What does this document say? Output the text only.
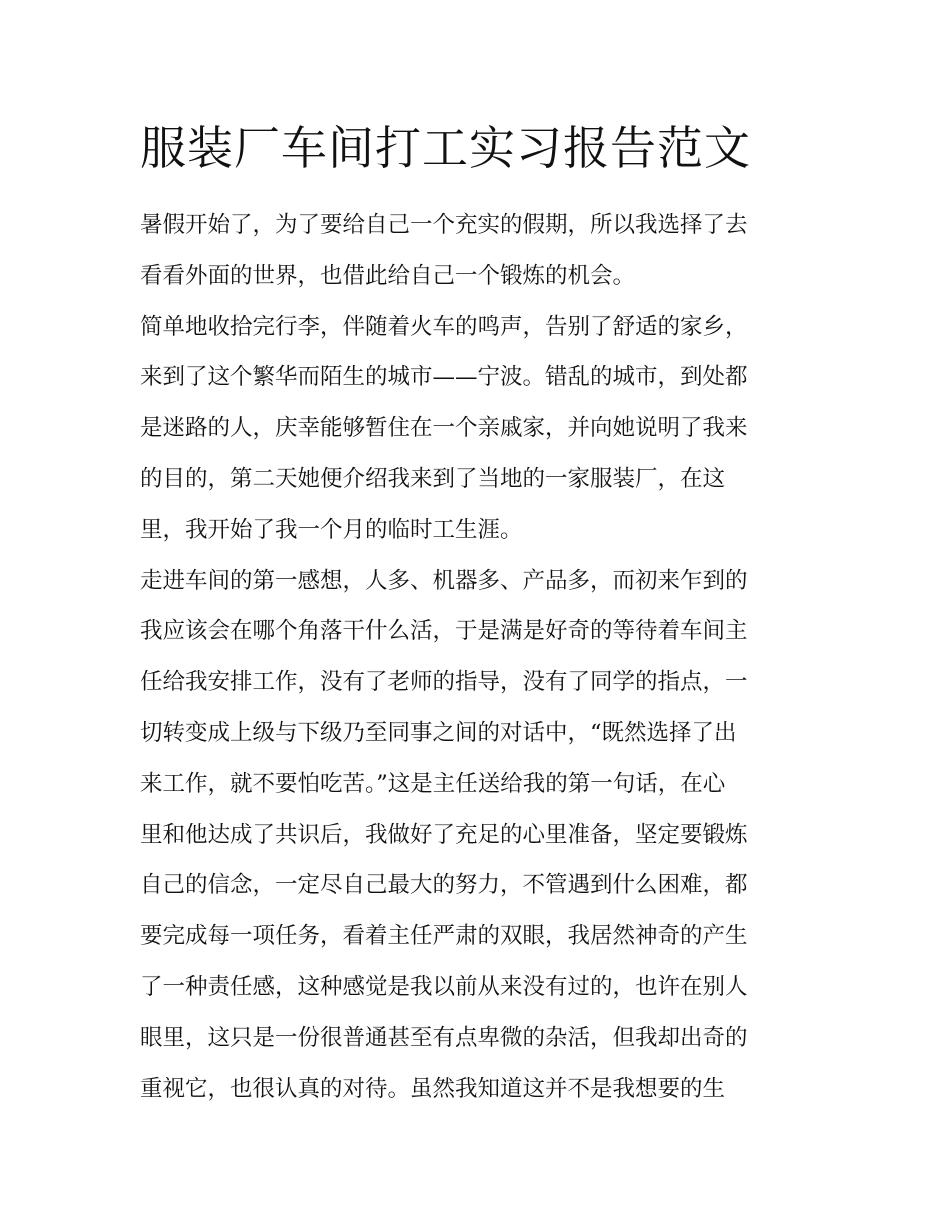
服装厂车间打工实习报告范文
暑假开始了，为了要给自己一个充实的假期，所以我选择了去
看看外面的世界，也借此给自己一个锻炼的机会。
简单地收拾完行李，伴随着火车的鸣声，告别了舒适的家乡，
来到了这个繁华而陌生的城市——宁波。错乱的城市，到处都
是迷路的人，庆幸能够暂住在一个亲戚家，并向她说明了我来
的目的，第二天她便介绍我来到了当地的一家服装厂，在这
里，我开始了我一个月的临时工生涯。
走进车间的第一感想，人多、机器多、产品多，而初来乍到的
我应该会在哪个角落干什么活，于是满是好奇的等待着车间主
任给我安排工作，没有了老师的指导，没有了同学的指点，一
切转变成上级与下级乃至同事之间的对话中，“既然选择了出
来工作，就不要怕吃苦。”这是主任送给我的第一句话，在心
里和他达成了共识后，我做好了充足的心里准备，坚定要锻炼
自己的信念，一定尽自己最大的努力，不管遇到什么困难，都
要完成每一项任务，看着主任严肃的双眼，我居然神奇的产生
了一种责任感，这种感觉是我以前从来没有过的，也许在别人
眼里，这只是一份很普通甚至有点卑微的杂活，但我却出奇的
重视它，也很认真的对待。虽然我知道这并不是我想要的生
